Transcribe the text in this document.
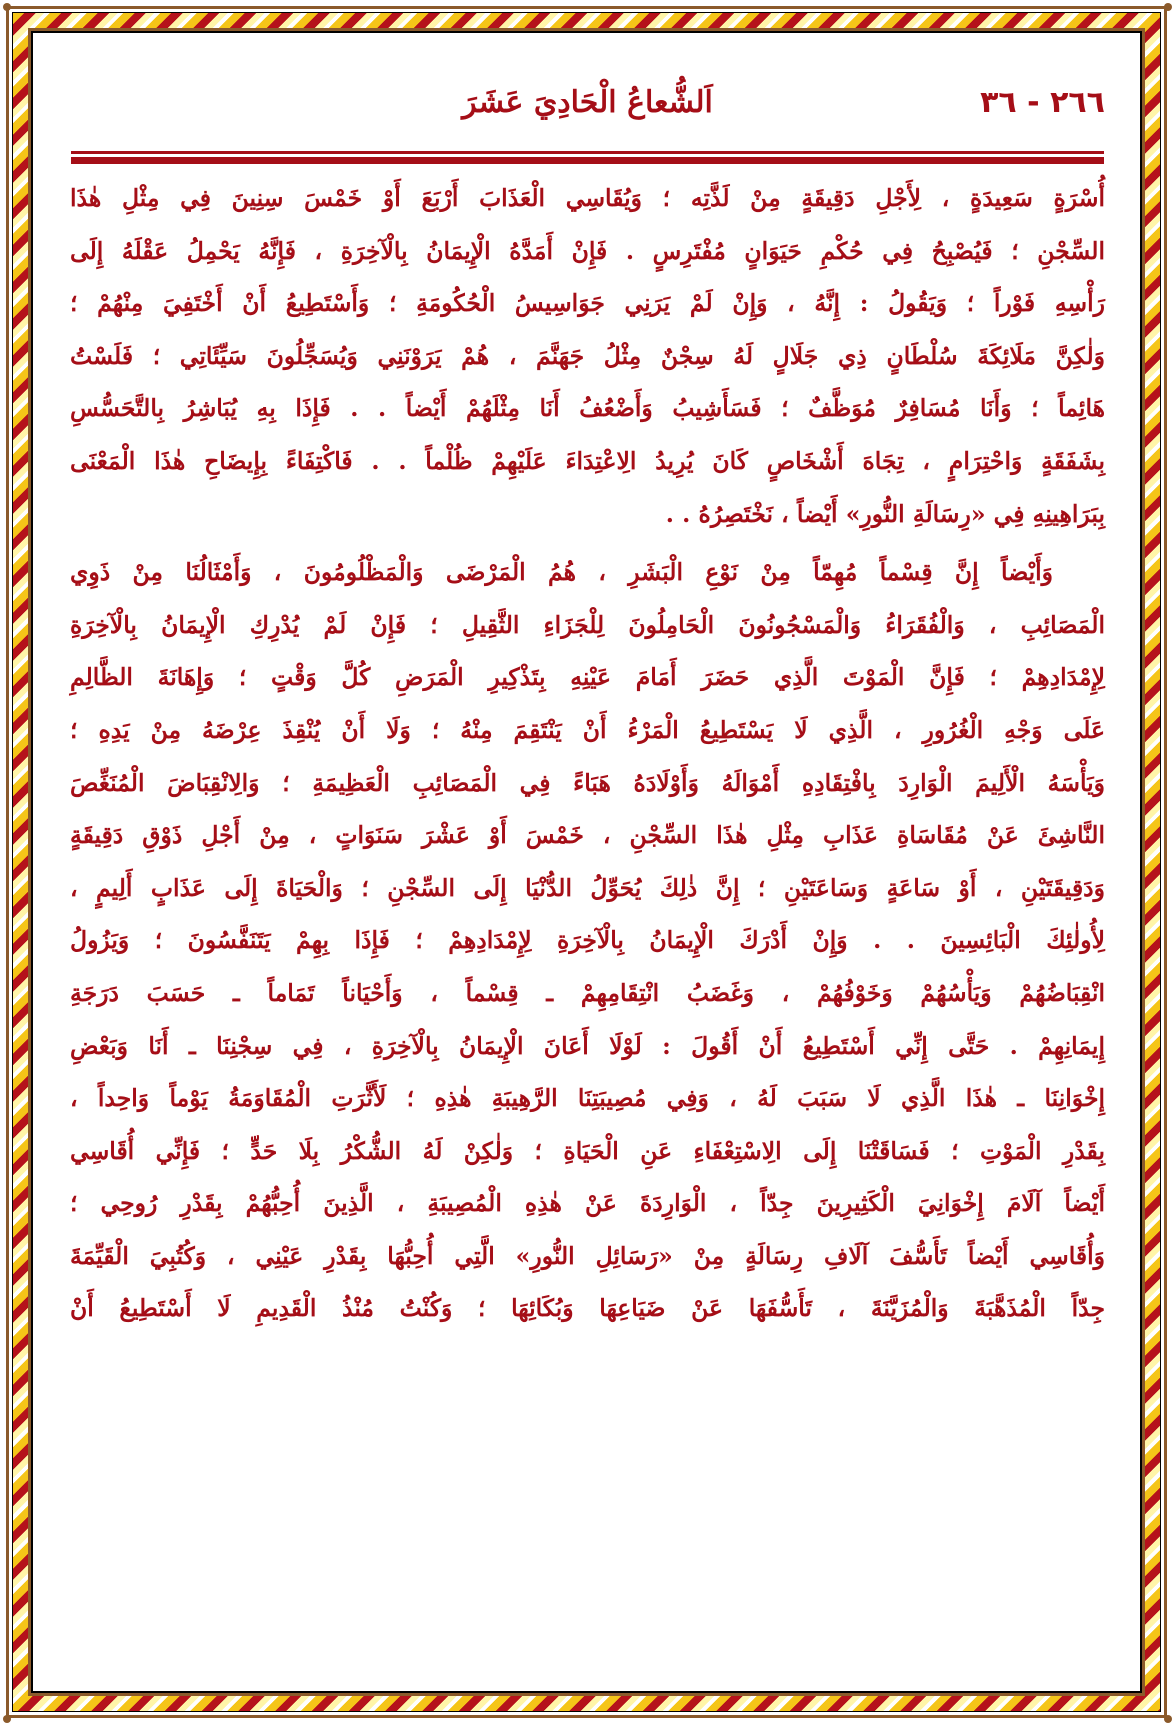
٢٦٦ - ٣٦
اَلشُّعاعُ الْحَادِيَ عَشَرَ
أُسْرَةٍ سَعِيدَةٍ ، لِأَجْلِ دَقِيقَةٍ مِنْ لَذَّتِه ؛ وَيُقَاسِي الْعَذَابَ أَرْبَعَ أَوْ خَمْسَ سِنِينَ فِي مِثْلِ هٰذَا
السِّجْنِ ؛ فَيُصْبِحُ فِي حُكْمِ حَيَوَانٍ مُفْتَرِسٍ . فَإِنْ أَمَدَّهُ الْإِيمَانُ بِالْآخِرَةِ ، فَإِنَّهُ يَحْمِلُ عَقْلَهُ إِلَى
رَأْسِهِ فَوْراً ؛ وَيَقُولُ : إِنَّهُ ، وَإِنْ لَمْ يَرَنِي جَوَاسِيسُ الْحُكُومَةِ ؛ وَأَسْتَطِيعُ أَنْ أَخْتَفِيَ مِنْهُمْ ؛
وَلٰكِنَّ مَلَائِكَةَ سُلْطَانٍ ذِي جَلَالٍ لَهُ سِجْنٌ مِثْلُ جَهَنَّمَ ، هُمْ يَرَوْنَنِي وَيُسَجِّلُونَ سَيِّئَاتِي ؛ فَلَسْتُ
هَائِماً ؛ وَأَنَا مُسَافِرٌ مُوَظَّفٌ ؛ فَسَأَشِيبُ وَأَضْعُفُ أَنَا مِثْلَهُمْ أَيْضاً . . فَإِذَا بِهِ يُبَاشِرُ بِالتَّحَسُّسِ
بِشَفَقَةٍ وَاحْتِرَامٍ ، تِجَاهَ أَشْخَاصٍ كَانَ يُرِيدُ الِاعْتِدَاءَ عَلَيْهِمْ ظُلْماً . . فَاكْتِفَاءً بِإِيضَاحِ هٰذَا الْمَعْنَى
بِبَرَاهِينِهِ فِي «رِسَالَةِ النُّورِ» أَيْضاً ، نَخْتَصِرُهُ . .
وَأَيْضاً إِنَّ قِسْماً مُهِمّاً مِنْ نَوْعِ الْبَشَرِ ، هُمُ الْمَرْضَى وَالْمَظْلُومُونَ ، وَأَمْثَالُنَا مِنْ ذَوِي
الْمَصَائِبِ ، وَالْفُقَرَاءُ وَالْمَسْجُونُونَ الْحَامِلُونَ لِلْجَزَاءِ الثَّقِيلِ ؛ فَإِنْ لَمْ يُدْرِكِ الْإِيمَانُ بِالْآخِرَةِ
لِإِمْدَادِهِمْ ؛ فَإِنَّ الْمَوْتَ الَّذِي حَضَرَ أَمَامَ عَيْنِهِ بِتَذْكِيرِ الْمَرَضِ كُلَّ وَقْتٍ ؛ وَإِهَانَةَ الظَّالِمِ
عَلَى وَجْهِ الْغُرُورِ ، الَّذِي لَا يَسْتَطِيعُ الْمَرْءُ أَنْ يَنْتَقِمَ مِنْهُ ؛ وَلَا أَنْ يُنْقِذَ عِرْضَهُ مِنْ يَدِهِ ؛
وَيَأْسَهُ الْأَلِيمَ الْوَارِدَ بِافْتِقَادِهِ أَمْوَالَهُ وَأَوْلَادَهُ هَبَاءً فِي الْمَصَائِبِ الْعَظِيمَةِ ؛ وَالِانْقِبَاضَ الْمُنَغِّصَ
النَّاشِئَ عَنْ مُقَاسَاةِ عَذَابِ مِثْلِ هٰذَا السِّجْنِ ، خَمْسَ أَوْ عَشْرَ سَنَوَاتٍ ، مِنْ أَجْلِ ذَوْقِ دَقِيقَةٍ
وَدَقِيقَتَيْنِ ، أَوْ سَاعَةٍ وَسَاعَتَيْنِ ؛ إِنَّ ذٰلِكَ يُحَوِّلُ الدُّنْيَا إِلَى السِّجْنِ ؛ وَالْحَيَاةَ إِلَى عَذَابٍ أَلِيمٍ ،
لِأُولٰئِكَ الْبَائِسِينَ . . وَإِنْ أَدْرَكَ الْإِيمَانُ بِالْآخِرَةِ لِإِمْدَادِهِمْ ؛ فَإِذَا بِهِمْ يَتَنَفَّسُونَ ؛ وَيَزُولُ
انْقِبَاضُهُمْ وَيَأْسُهُمْ وَخَوْفُهُمْ ، وَغَضَبُ انْتِقَامِهِمْ ـ قِسْماً ، وَأَحْيَاناً تَمَاماً ـ حَسَبَ دَرَجَةِ
إِيمَانِهِمْ . حَتَّى إِنِّي أَسْتَطِيعُ أَنْ أَقُولَ : لَوْلَا أَعَانَ الْإِيمَانُ بِالْآخِرَةِ ، فِي سِجْنِنَا ـ أَنَا وَبَعْضِ
إِخْوَانِنَا ـ هٰذَا الَّذِي لَا سَبَبَ لَهُ ، وَفِي مُصِيبَتِنَا الرَّهِيبَةِ هٰذِهِ ؛ لَأَثَّرَتِ الْمُقَاوَمَةُ يَوْماً وَاحِداً ،
بِقَدْرِ الْمَوْتِ ؛ فَسَاقَتْنَا إِلَى الِاسْتِعْفَاءِ عَنِ الْحَيَاةِ ؛ وَلٰكِنْ لَهُ الشُّكْرُ بِلَا حَدٍّ ؛ فَإِنِّي أُقَاسِي
أَيْضاً آلَامَ إِخْوَانِيَ الْكَثِيرِينَ جِدّاً ، الْوَارِدَةَ عَنْ هٰذِهِ الْمُصِيبَةِ ، الَّذِينَ أُحِبُّهُمْ بِقَدْرِ رُوحِي ؛
وَأُقَاسِي أَيْضاً تَأَسُّفَ آلَافِ رِسَالَةٍ مِنْ «رَسَائِلِ النُّورِ» الَّتِي أُحِبُّهَا بِقَدْرِ عَيْنِي ، وَكُتُبِيَ الْقَيِّمَةَ
جِدّاً الْمُذَهَّبَةَ وَالْمُزَيَّنَةَ ، تَأَسُّفَهَا عَنْ ضَيَاعِهَا وَبُكَائِهَا ؛ وَكُنْتُ مُنْذُ الْقَدِيمِ لَا أَسْتَطِيعُ أَنْ
